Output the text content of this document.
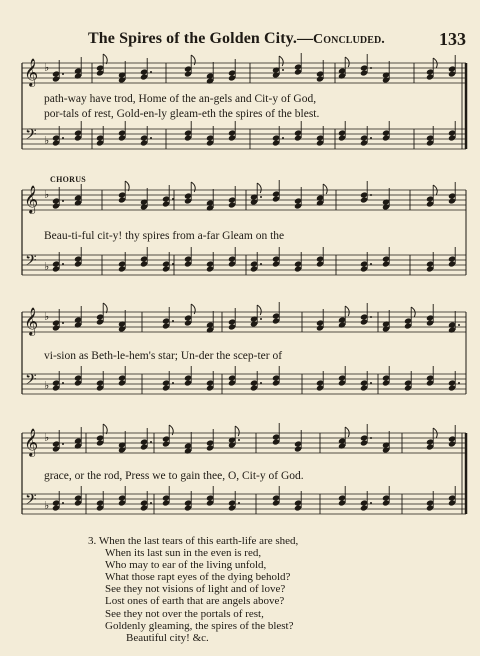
The Spires of the Golden City.—Concluded.	133
𝄞 ♭
𝄢 ♭
𝄞 ♭
𝄢 ♭
𝄞 ♭
𝄢 ♭
𝄞 ♭
𝄢 ♭
CHORUS
path-way have trod, Home of the an-gels and Cit-y of God,
por-tals of rest, Gold-en-ly gleam-eth the spires of the blest.
Beau-ti-ful cit-y! thy spires from a-far Gleam on the
vi-sion as Beth-le-hem's star; Un-der the scep-ter of
grace, or the rod, Press we to gain thee, O, Cit-y of God.
3. When the last tears of this earth-life are shed,
When its last sun in the even is red,
Who may to ear of the living unfold,
What those rapt eyes of the dying behold?
See they not visions of light and of love?
Lost ones of earth that are angels above?
See they not over the portals of rest,
Goldenly gleaming, the spires of the blest?
Beautiful city! &c.
